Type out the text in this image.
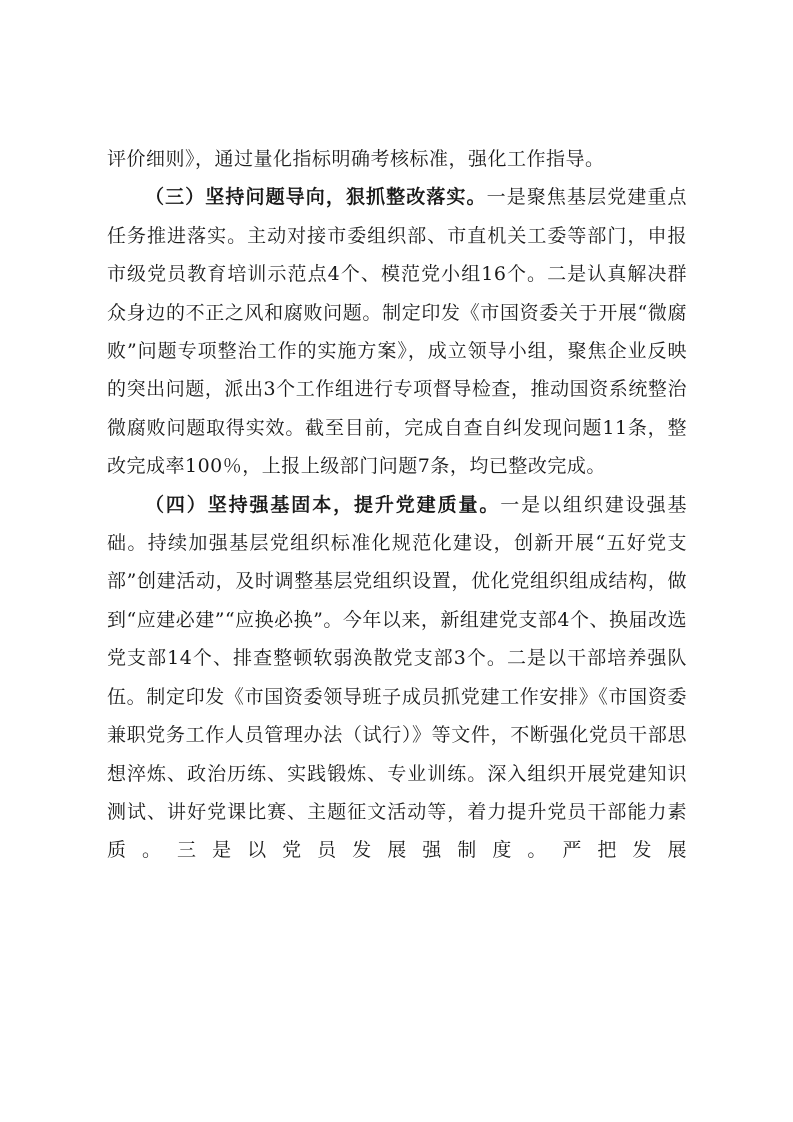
评价细则》，通过量化指标明确考核标准，强化工作指导。

（三）坚持问题导向，狠抓整改落实。一是聚焦基层党建重点任务推进落实。主动对接市委组织部、市直机关工委等部门，申报市级党员教育培训示范点4个、模范党小组16个。二是认真解决群众身边的不正之风和腐败问题。制定印发《市国资委关于开展“微腐败”问题专项整治工作的实施方案》，成立领导小组，聚焦企业反映的突出问题，派出3个工作组进行专项督导检查，推动国资系统整治微腐败问题取得实效。截至目前，完成自查自纠发现问题11条，整改完成率100％，上报上级部门问题7条，均已整改完成。

（四）坚持强基固本，提升党建质量。一是以组织建设强基础。持续加强基层党组织标准化规范化建设，创新开展“五好党支部”创建活动，及时调整基层党组织设置，优化党组织组成结构，做到“应建必建”“应换必换”。今年以来，新组建党支部4个、换届改选党支部14个、排查整顿软弱涣散党支部3个。二是以干部培养强队伍。制定印发《市国资委领导班子成员抓党建工作安排》《市国资委兼职党务工作人员管理办法（试行）》等文件，不断强化党员干部思想淬炼、政治历练、实践锻炼、专业训练。深入组织开展党建知识测试、讲好党课比赛、主题征文活动等，着力提升党员干部能力素质。三是以党员发展强制度。严把发展
